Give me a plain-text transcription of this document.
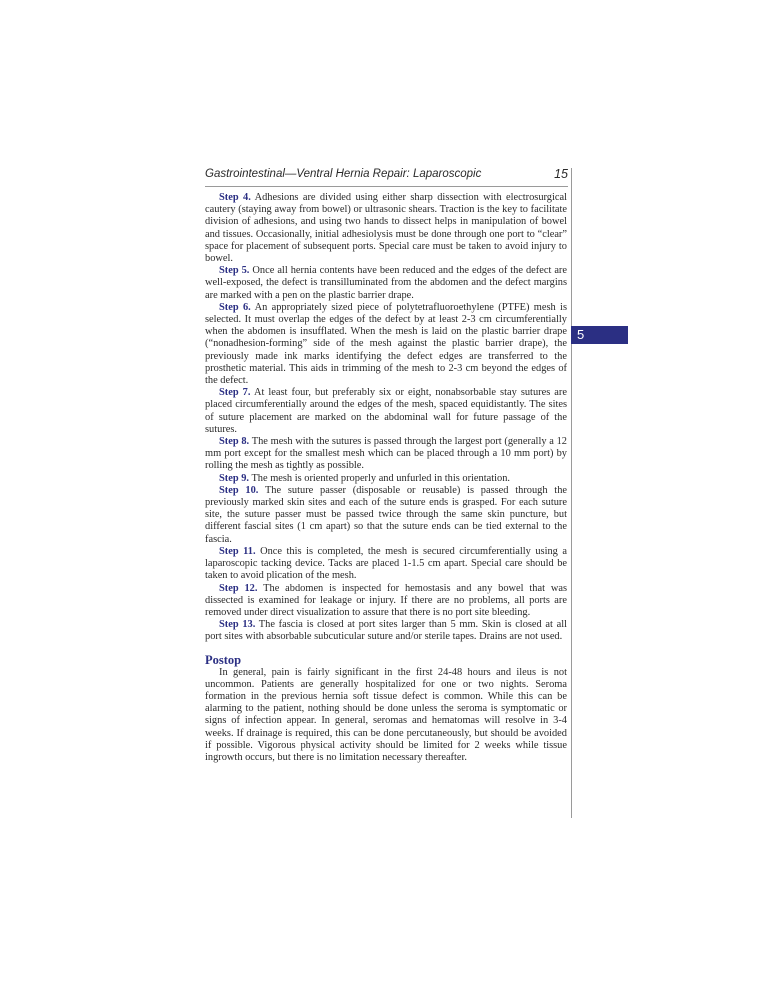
Gastrointestinal—Ventral Hernia Repair: Laparoscopic	15
5

Step 4. Adhesions are divided using either sharp dissection with electrosurgical cautery (staying away from bowel) or ultrasonic shears. Traction is the key to facilitate division of adhesions, and using two hands to dissect helps in manipulation of bowel and tissues. Occasionally, initial adhesiolysis must be done through one port to “clear” space for placement of subsequent ports. Special care must be taken to avoid injury to bowel.

Step 5. Once all hernia contents have been reduced and the edges of the defect are well-exposed, the defect is transilluminated from the abdomen and the defect margins are marked with a pen on the plastic barrier drape.

Step 6. An appropriately sized piece of polytetrafluoroethylene (PTFE) mesh is selected. It must overlap the edges of the defect by at least 2-3 cm circumferentially when the abdomen is insufflated. When the mesh is laid on the plastic barrier drape (“nonadhesion-forming” side of the mesh against the plastic barrier drape), the previously made ink marks identifying the defect edges are transferred to the prosthetic material. This aids in trimming of the mesh to 2-3 cm beyond the edges of the defect.

Step 7. At least four, but preferably six or eight, nonabsorbable stay sutures are placed circumferentially around the edges of the mesh, spaced equidistantly. The sites of suture placement are marked on the abdominal wall for future passage of the sutures.

Step 8. The mesh with the sutures is passed through the largest port (generally a 12 mm port except for the smallest mesh which can be placed through a 10 mm port) by rolling the mesh as tightly as possible.

Step 9. The mesh is oriented properly and unfurled in this orientation.

Step 10. The suture passer (disposable or reusable) is passed through the previously marked skin sites and each of the suture ends is grasped. For each suture site, the suture passer must be passed twice through the same skin puncture, but different fascial sites (1 cm apart) so that the suture ends can be tied external to the fascia.

Step 11. Once this is completed, the mesh is secured circumferentially using a laparoscopic tacking device. Tacks are placed 1-1.5 cm apart. Special care should be taken to avoid plication of the mesh.

Step 12. The abdomen is inspected for hemostasis and any bowel that was dissected is examined for leakage or injury. If there are no problems, all ports are removed under direct visualization to assure that there is no port site bleeding.

Step 13. The fascia is closed at port sites larger than 5 mm. Skin is closed at all port sites with absorbable subcuticular suture and/or sterile tapes. Drains are not used.

Postop

In general, pain is fairly significant in the first 24-48 hours and ileus is not uncommon. Patients are generally hospitalized for one or two nights. Seroma formation in the previous hernia soft tissue defect is common. While this can be alarming to the patient, nothing should be done unless the seroma is symptomatic or signs of infection appear. In general, seromas and hematomas will resolve in 3-4 weeks. If drainage is required, this can be done percutaneously, but should be avoided if possible. Vigorous physical activity should be limited for 2 weeks while tissue ingrowth occurs, but there is no limitation necessary thereafter.
